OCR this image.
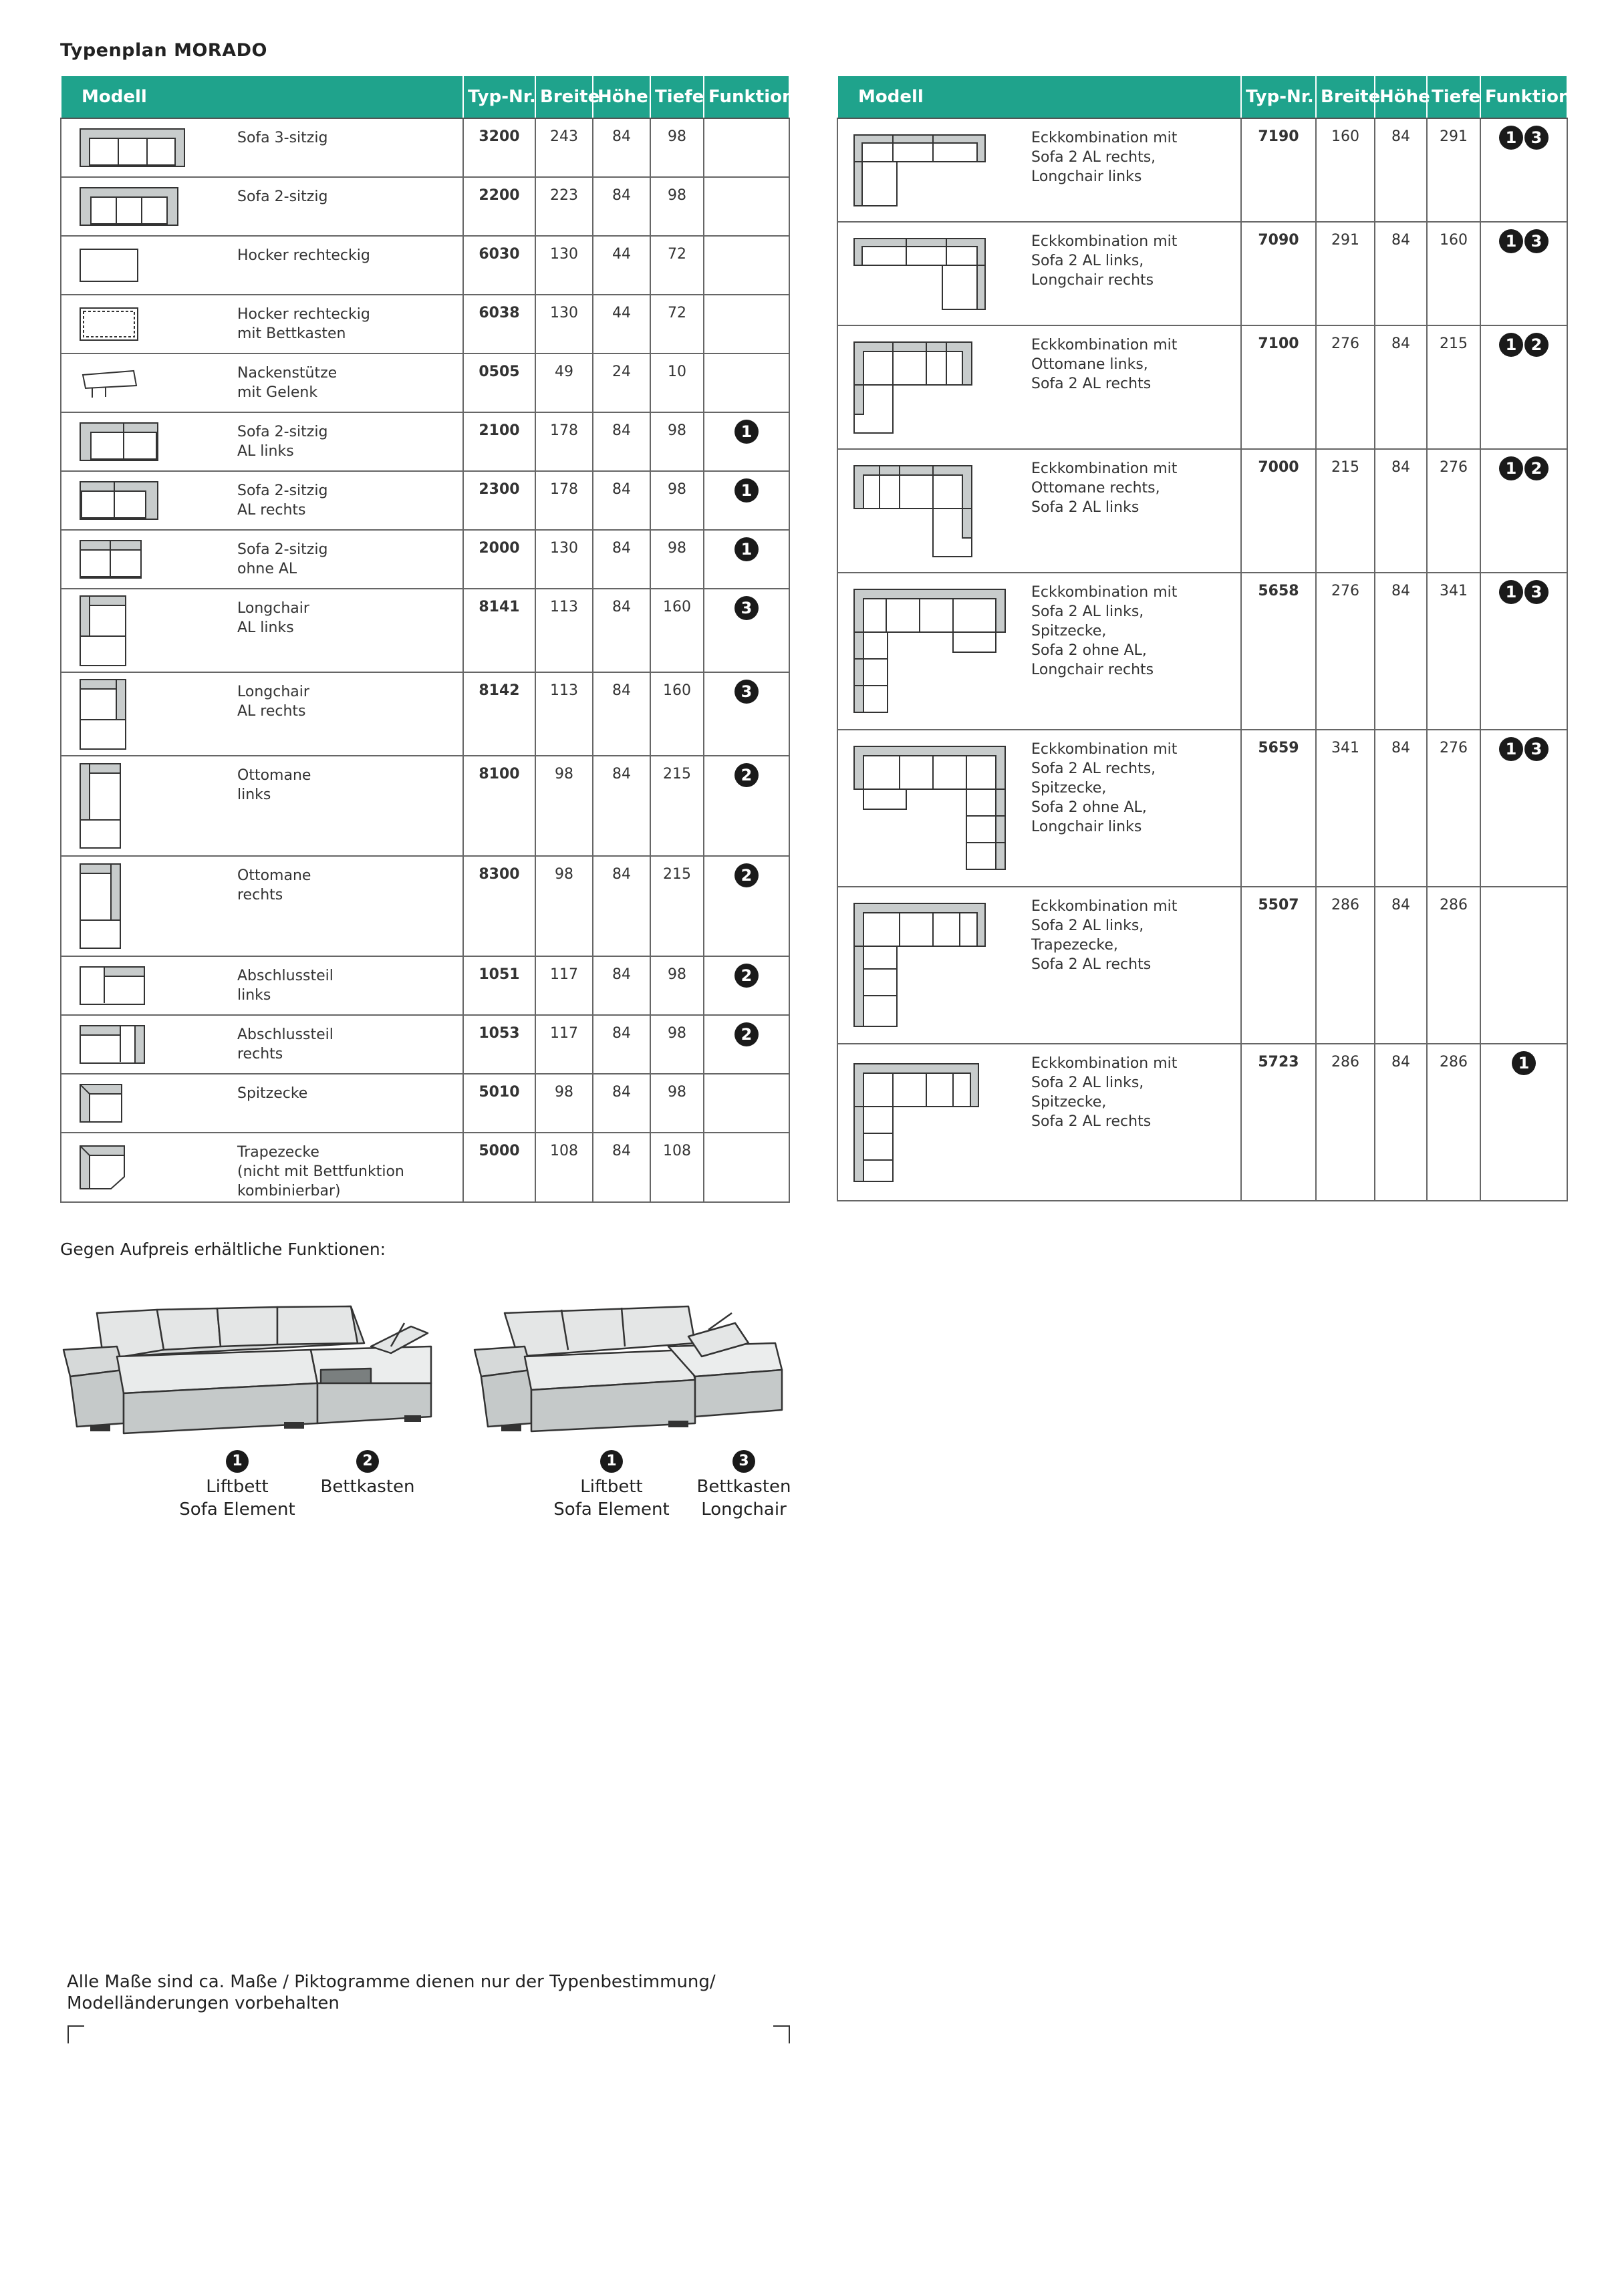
Typenplan MORADO
Modell		Typ-Nr.	Breite	Höhe	Tiefe	Funktion

	Sofa 3-sitzig	3200	243	84	98	

	Sofa 2-sitzig	2200	223	84	98	

	Hocker rechteckig	6030	130	44	72	

	Hocker rechteckig
mit Bettkasten	6038	130	44	72	

	Nackenstütze
mit Gelenk	0505	49	24	10	

	Sofa 2-sitzig
AL links	2100	178	84	98	1

	Sofa 2-sitzig
AL rechts	2300	178	84	98	1

	Sofa 2-sitzig
ohne AL	2000	130	84	98	1

	Longchair
AL links	8141	113	84	160	3

	Longchair
AL rechts	8142	113	84	160	3

	Ottomane
links	8100	98	84	215	2

	Ottomane
rechts	8300	98	84	215	2

	Abschlussteil
links	1051	117	84	98	2

	Abschlussteil
rechts	1053	117	84	98	2

	Spitzecke	5010	98	84	98	

	Trapezecke
(nicht mit Bettfunktion
kombinierbar)	5000	108	84	108	
Modell		Typ-Nr.	Breite	Höhe	Tiefe	Funktion

	Eckkombination mit
Sofa 2 AL rechts,
Longchair links	7190	160	84	291	1 3

	Eckkombination mit
Sofa 2 AL links,
Longchair rechts	7090	291	84	160	1 3

	Eckkombination mit
Ottomane links,
Sofa 2 AL rechts	7100	276	84	215	1 2

	Eckkombination mit
Ottomane rechts,
Sofa 2 AL links	7000	215	84	276	1 2

	Eckkombination mit
Sofa 2 AL links,
Spitzecke,
Sofa 2 ohne AL,
Longchair rechts	5658	276	84	341	1 3

	Eckkombination mit
Sofa 2 AL rechts,
Spitzecke,
Sofa 2 ohne AL,
Longchair links	5659	341	84	276	1 3

	Eckkombination mit
Sofa 2 AL links,
Trapezecke,
Sofa 2 AL rechts	5507	286	84	286	

	Eckkombination mit
Sofa 2 AL links,
Spitzecke,
Sofa 2 AL rechts	5723	286	84	286	1
Gegen Aufpreis erhältliche Funktionen:
1
Liftbett
Sofa Element
2
Bettkasten
1
Liftbett
Sofa Element
3
Bettkasten
Longchair
Alle Maße sind ca. Maße / Piktogramme dienen nur der Typenbestimmung/
Modelländerungen vorbehalten
